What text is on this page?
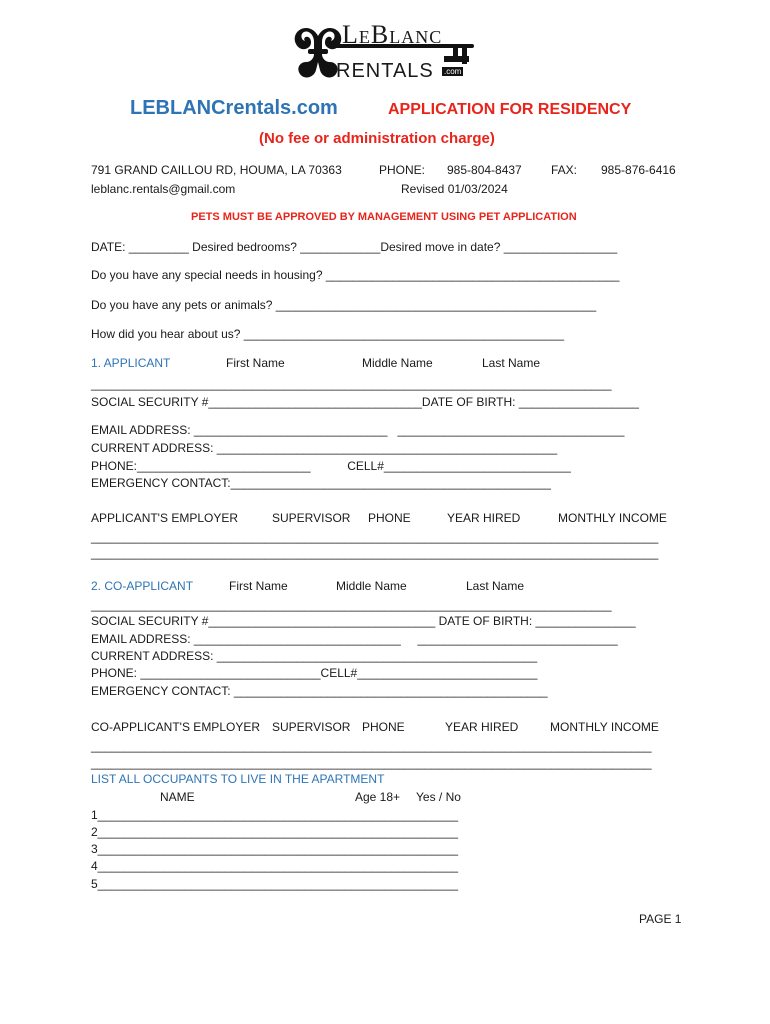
LeBlanc
RENTALS .com
LEBLANCrentals.com	APPLICATION FOR RESIDENCY
(No fee or administration charge)
791 GRAND CAILLOU RD, HOUMA, LA 70363
leblanc.rentals@gmail.com
PHONE: 985-804-8437 FAX: 985-876-6416
Revised 01/03/2024
PETS MUST BE APPROVED BY MANAGEMENT USING PET APPLICATION
DATE: _________ Desired bedrooms? ____________Desired move in date? _________________
Do you have any special needs in housing? ____________________________________________
Do you have any pets or animals? ________________________________________________
How did you hear about us? ________________________________________________
1. APPLICANT	First Name	Middle Name	Last Name
______________________________________________________________________________
SOCIAL SECURITY #________________________________DATE OF BIRTH: __________________
EMAIL ADDRESS: _____________________________   __________________________________
CURRENT ADDRESS: ___________________________________________________
PHONE:__________________________           CELL#____________________________
EMERGENCY CONTACT:________________________________________________
APPLICANT'S EMPLOYER	SUPERVISOR PHONE	YEAR HIRED	MONTHLY INCOME
_____________________________________________________________________________________
_____________________________________________________________________________________
2. CO-APPLICANT	First Name	Middle Name	Last Name
______________________________________________________________________________
SOCIAL SECURITY #__________________________________ DATE OF BIRTH: _______________
EMAIL ADDRESS: _______________________________     ______________________________
CURRENT ADDRESS: ________________________________________________
PHONE: ___________________________CELL#___________________________
EMERGENCY CONTACT: _______________________________________________
CO-APPLICANT'S EMPLOYER SUPERVISOR PHONE	YEAR HIRED	MONTHLY INCOME
____________________________________________________________________________________
____________________________________________________________________________________
LIST ALL OCCUPANTS TO LIVE IN THE APARTMENT
NAME	Age 18+ Yes / No
1______________________________________________________
2______________________________________________________
3______________________________________________________
4______________________________________________________
5______________________________________________________
PAGE 1
